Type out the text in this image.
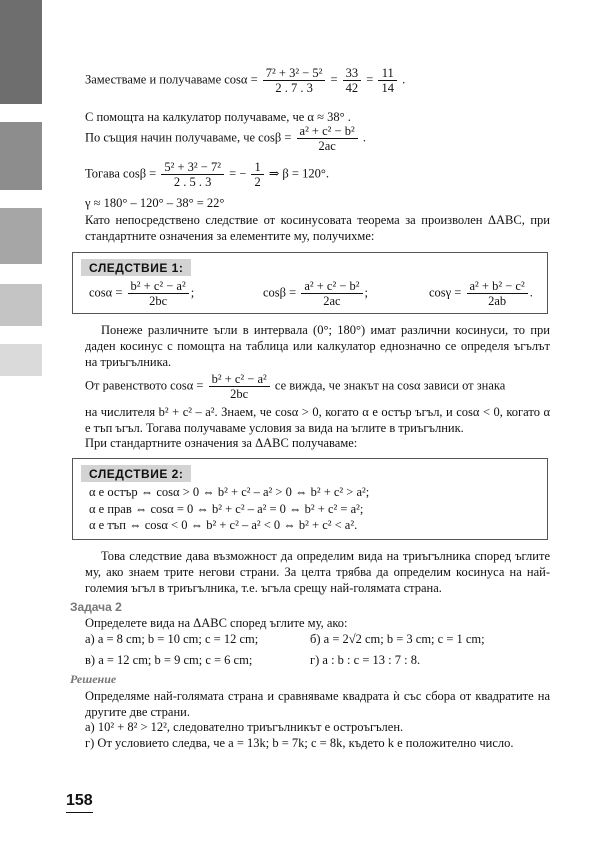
Заместваме и получаваме $\cos\alpha = \frac{\text{7² + 3² − 5²}}{2 . 7 . 3} = \frac{33}{42} = \frac{11}{14}$ .
С помощта на калкулатор получаваме, че α ≈ 38° .
По същия начин получаваме, че $\cos\beta = \frac{\text{a² + c² − b²}}{2ac}$ .
Тогава $\cos\beta = \frac{\text{5² + 3² − 7²}}{2 . 5 . 3}$ = − $\frac{1}{2}$ ⇒ β = 120°.
γ ≈ 180° – 120° – 38° = 22°
Като непосредствено следствие от косинусовата теорема за произволен ΔABC, при стандартните означения за елементите му, получихме:
СЛЕДСТВИЕ 1:
$\cos\alpha = \frac{\text{b² + c² − a²}}{2bc}$ ;	$\cos\beta = \frac{\text{a² + c² − b²}}{2ac}$ ;	$\cos\gamma = \frac{\text{a² + b² − c²}}{2ab}$ .
Понеже различните ъгли в интервала (0°; 180°) имат различни косинуси, то при даден косинус с помощта на таблица или калкулатор еднозначно се определя ъгълът на триъгълника.
От равенството $\cos\alpha = \frac{\text{b² + c² − a²}}{2bc}$ се вижда, че знакът на cosα зависи от знака
на числителя b² + c² – a². Знаем, че cosα > 0, когато α е остър ъгъл, и cosα < 0, когато α е тъп ъгъл. Тогава получаваме условия за вида на ъглите в триъгълник.
При стандартните означения за ΔABC получаваме:
СЛЕДСТВИЕ 2:
α е остър ⇔ cosα > 0 ⇔ b² + c² – a² > 0 ⇔ b² + c² > a²;
α е прав ⇔ cosα = 0 ⇔ b² + c² – a² = 0 ⇔ b² + c² = a²;
α е тъп ⇔ cosα < 0 ⇔ b² + c² – a² < 0 ⇔ b² + c² < a².
Това следствие дава възможност да определим вида на триъгълника според ъглите му, ако знаем трите негови страни. За целта трябва да определим косинуса на най-големия ъгъл в триъгълника, т.е. ъгъла срещу най-голямата страна.
Задача 2
Определете вида на ΔABC според ъглите му, ако:
а) a = 8 cm; b = 10 cm; c = 12 cm;	б) a = 2√2 cm; b = 3 cm; c = 1 cm;
в) a = 12 cm; b = 9 cm; c = 6 cm;	г) a : b : c = 13 : 7 : 8.
Решение
Определяме най-голямата страна и сравняваме квадрата ѝ със сбора от квадратите на другите две страни.
а) 10² + 8² > 12², следователно триъгълникът е остроъгълен.
г) От условието следва, че a = 13k; b = 7k; c = 8k, където k е положително число.
158
